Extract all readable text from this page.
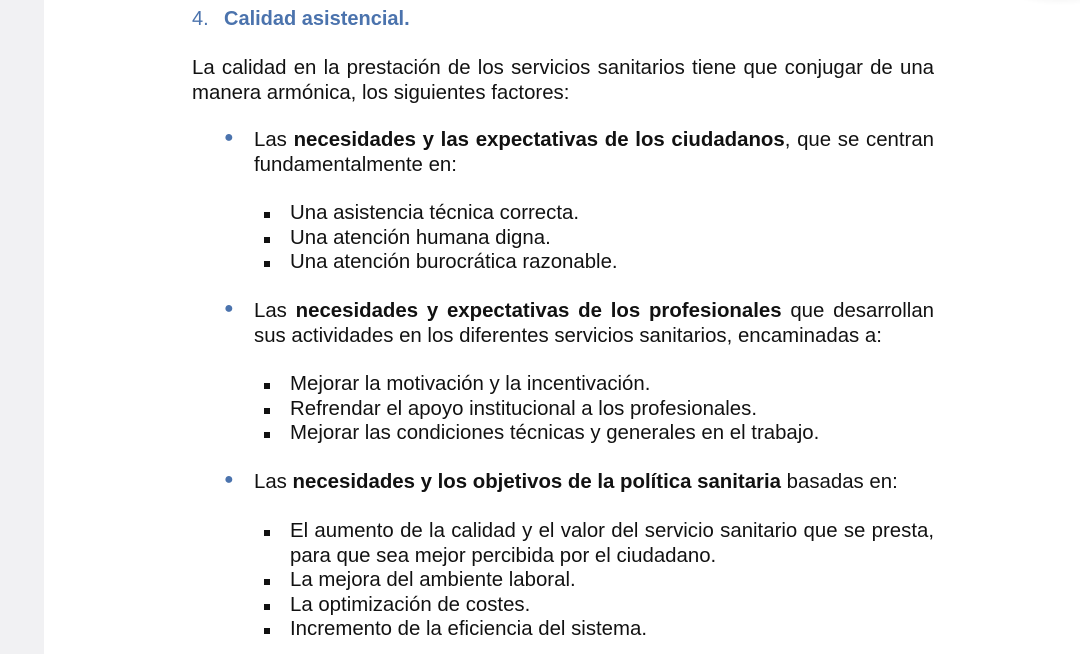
4. Calidad asistencial.
La calidad en la prestación de los servicios sanitarios tiene que conjugar de una manera armónica, los siguientes factores:
● Las necesidades y las expectativas de los ciudadanos, que se centran fundamentalmente en:
Una asistencia técnica correcta.
Una atención humana digna.
Una atención burocrática razonable.
● Las necesidades y expectativas de los profesionales que desarrollan sus actividades en los diferentes servicios sanitarios, encaminadas a:
Mejorar la motivación y la incentivación.
Refrendar el apoyo institucional a los profesionales.
Mejorar las condiciones técnicas y generales en el trabajo.
● Las necesidades y los objetivos de la política sanitaria basadas en:
El aumento de la calidad y el valor del servicio sanitario que se presta, para que sea mejor percibida por el ciudadano.
La mejora del ambiente laboral.
La optimización de costes.
Incremento de la eficiencia del sistema.
